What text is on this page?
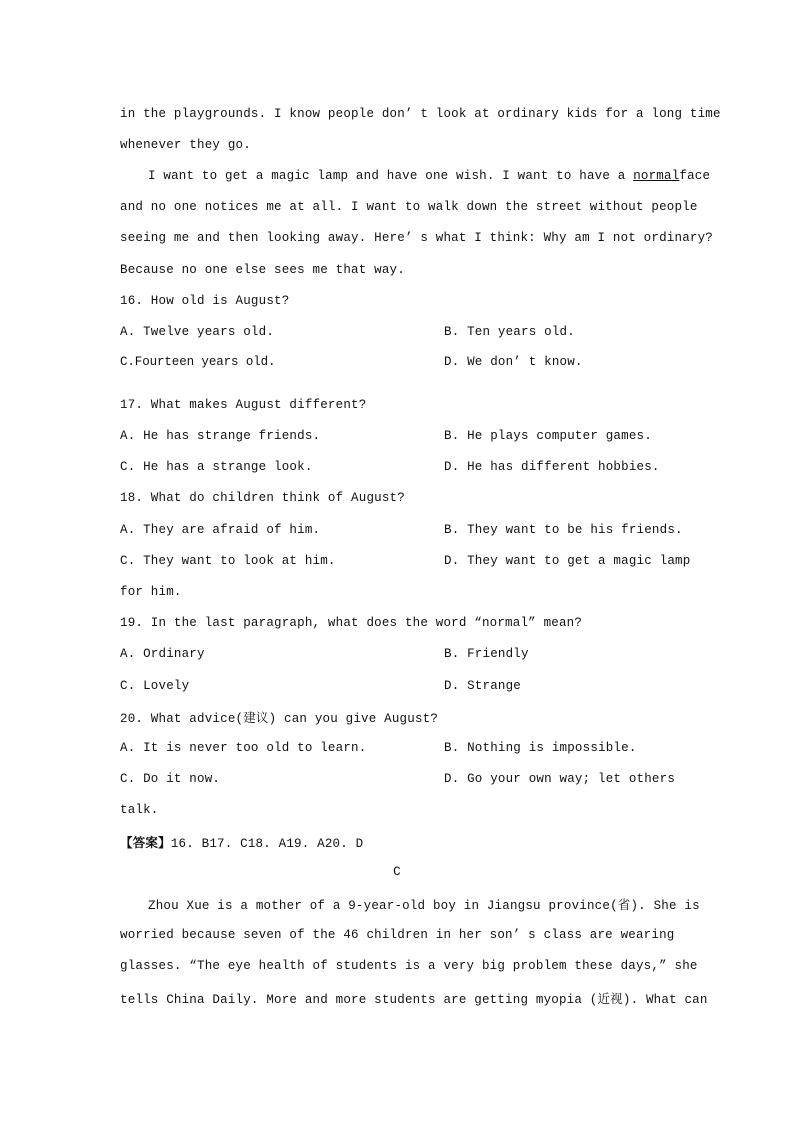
in the playgrounds. I know people don’ t look at ordinary kids for a long time
whenever they go.
I want to get a magic lamp and have one wish. I want to have a normalface
and no one notices me at all. I want to walk down the street without people
seeing me and then looking away. Here’ s what I think: Why am I not ordinary?
Because no one else sees me that way.
16. How old is August?
A. Twelve years old.	B. Ten years old.
C.Fourteen years old.	D. We don’ t know.
17. What makes August different?
A. He has strange friends.	B. He plays computer games.
C. He has a strange look.	D. He has different hobbies.
18. What do children think of August?
A. They are afraid of him.	B. They want to be his friends.
C. They want to look at him.	D. They want to get a magic lamp
for him.
19. In the last paragraph, what does the word “normal” mean?
A. Ordinary	B. Friendly
C. Lovely	D. Strange
20. What advice(建议) can you give August?
A. It is never too old to learn.	B. Nothing is impossible.
C. Do it now.	D. Go your own way; let others
talk.
【答案】16. B17. C18. A19. A20. D
C
Zhou Xue is a mother of a 9-year-old boy in Jiangsu province(省). She is
worried because seven of the 46 children in her son’ s class are wearing
glasses. “The eye health of students is a very big problem these days,” she
tells China Daily. More and more students are getting myopia (近视). What can
